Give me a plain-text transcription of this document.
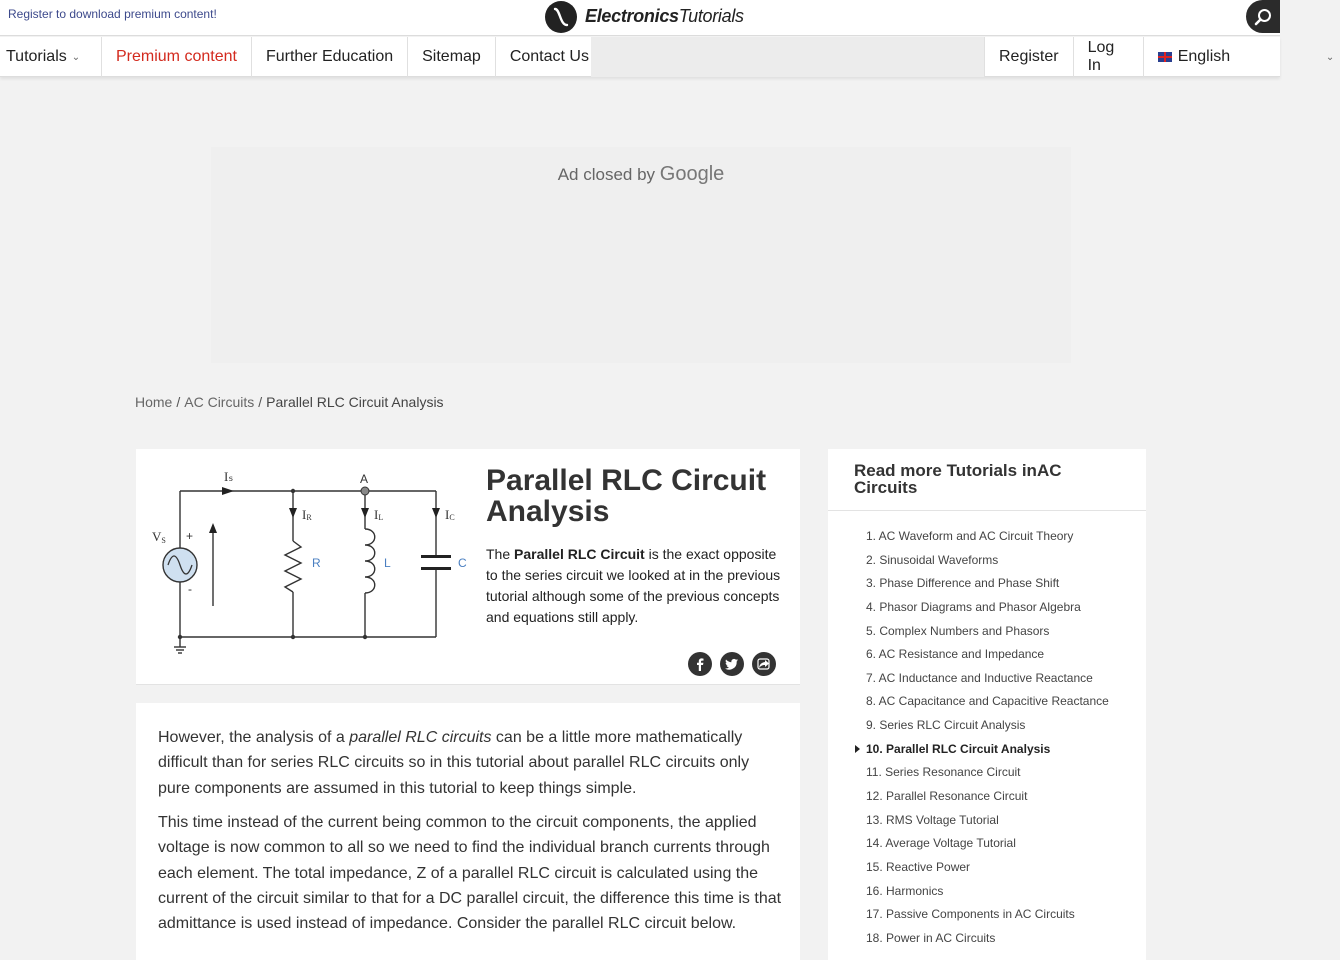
Register to download premium content!	ElectronicsTutorials
Tutorials ⌄	Premium content	Further Education	Sitemap	Contact Us	Register
Log In
English	⌄
Ad closed by Google
Home / AC Circuits / Parallel RLC Circuit Analysis
Iₛ	A
IR	IL	IC
VS +
-
R	L	C
Parallel RLC Circuit Analysis

The Parallel RLC Circuit is the exact opposite to the series circuit we looked at in the previous tutorial although some of the previous concepts and equations still apply.

However, the analysis of a parallel RLC circuits can be a little more mathematically difficult than for series RLC circuits so in this tutorial about parallel RLC circuits only pure components are assumed in this tutorial to keep things simple.

This time instead of the current being common to the circuit components, the applied voltage is now common to all so we need to find the individual branch currents through each element. The total impedance, Z of a parallel RLC circuit is calculated using the current of the circuit similar to that for a DC parallel circuit, the difference this time is that admittance is used instead of impedance. Consider the parallel RLC circuit below.

Read more Tutorials inAC Circuits
1. AC Waveform and AC Circuit Theory
2. Sinusoidal Waveforms
3. Phase Difference and Phase Shift
4. Phasor Diagrams and Phasor Algebra
5. Complex Numbers and Phasors
6. AC Resistance and Impedance
7. AC Inductance and Inductive Reactance
8. AC Capacitance and Capacitive Reactance
9. Series RLC Circuit Analysis
10. Parallel RLC Circuit Analysis
11. Series Resonance Circuit
12. Parallel Resonance Circuit
13. RMS Voltage Tutorial
14. Average Voltage Tutorial
15. Reactive Power
16. Harmonics
17. Passive Components in AC Circuits
18. Power in AC Circuits
